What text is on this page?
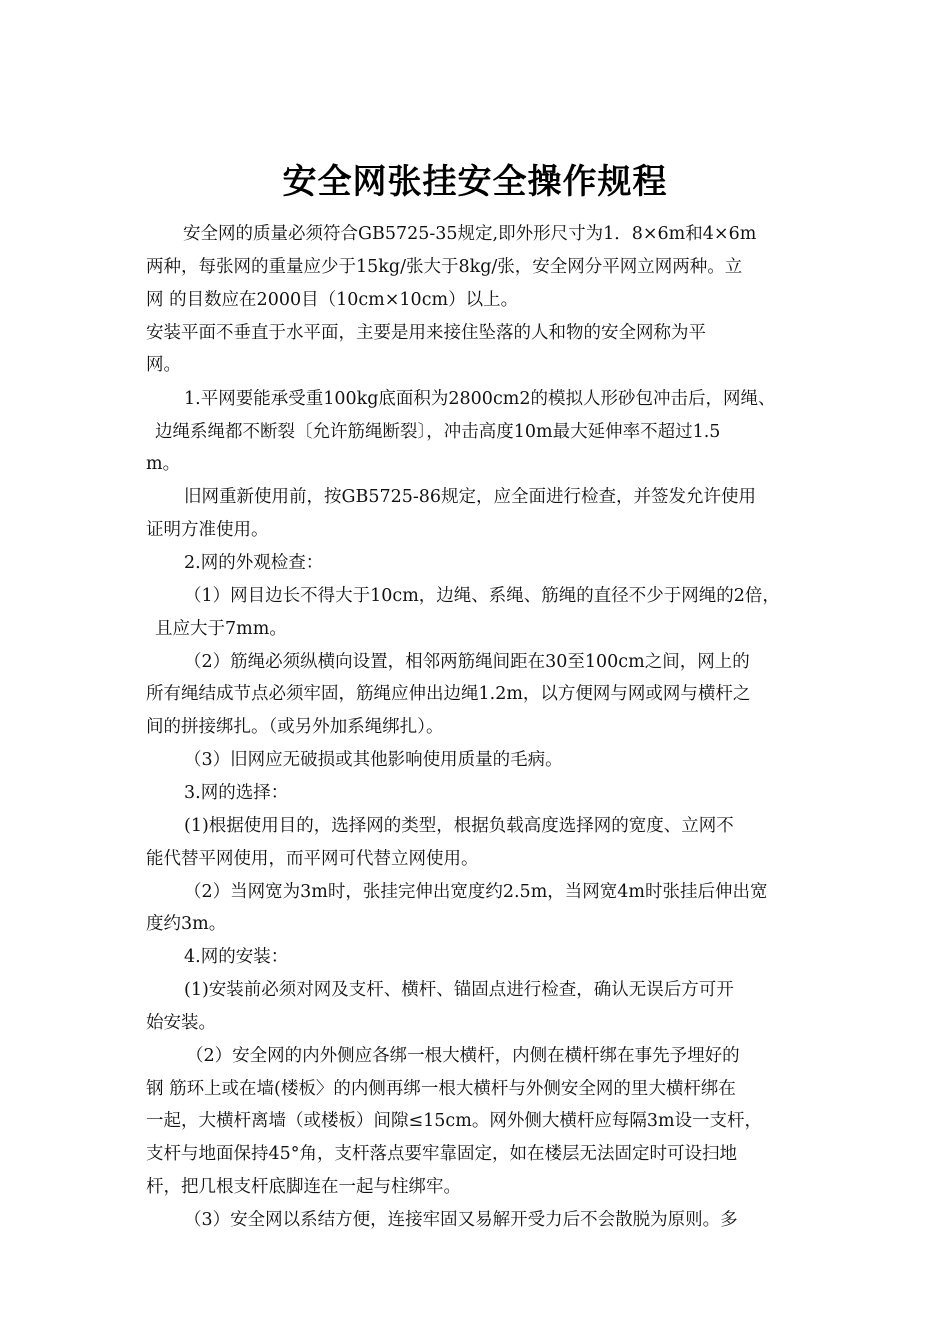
安全网张挂安全操作规程
安全网的质量必须符合GB5725-35规定,即外形尺寸为1．8×6m和4×6m
两种，每张网的重量应少于15kg/张大于8kg/张，安全网分平网立网两种。立
网 的目数应在2000目（10cm×10cm）以上。
安装平面不垂直于水平面，主要是用来接住坠落的人和物的安全网称为平
网。
1.平网要能承受重100kg底面积为2800cm2的模拟人形砂包冲击后，网绳、
边绳系绳都不断裂〔允许筋绳断裂〕，冲击高度10m最大延伸率不超过1.5
m。
旧网重新使用前，按GB5725-86规定，应全面进行检查，并签发允许使用
证明方准使用。
2.网的外观检查：
（1）网目边长不得大于10cm，边绳、系绳、筋绳的直径不少于网绳的2倍，
且应大于7mm。
（2）筋绳必须纵横向设置，相邻两筋绳间距在30至100cm之间，网上的
所有绳结成节点必须牢固，筋绳应伸出边绳1.2m，以方便网与网或网与横杆之
间的拼接绑扎。（或另外加系绳绑扎）。
（3）旧网应无破损或其他影响使用质量的毛病。
3.网的选择：
(1)根据使用目的，选择网的类型，根据负载高度选择网的宽度、立网不
能代替平网使用，而平网可代替立网使用。
（2）当网宽为3m时，张挂完伸出宽度约2.5m，当网宽4m时张挂后伸出宽
度约3m。
4.网的安装：
(1)安装前必须对网及支杆、横杆、锚固点进行检查，确认无误后方可开
始安装。
（2）安全网的内外侧应各绑一根大横杆，内侧在横杆绑在事先予埋好的
钢 筋环上或在墙(楼板〉的内侧再绑一根大横杆与外侧安全网的里大横杆绑在
一起，大横杆离墙（或楼板）间隙≤15cm。网外侧大横杆应每隔3m设一支杆，
支杆与地面保持45°角，支杆落点要牢靠固定，如在楼层无法固定时可设扫地
杆，把几根支杆底脚连在一起与柱绑牢。
（3）安全网以系结方便，连接牢固又易解开受力后不会散脱为原则。多
